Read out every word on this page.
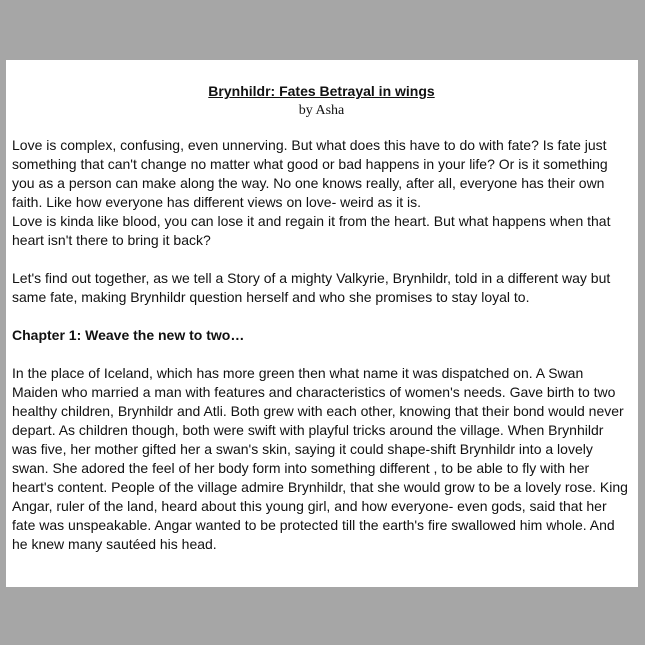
Brynhildr: Fates Betrayal in wings

by Asha

Love is complex, confusing, even unnerving. But what does this have to do with fate? Is fate just something that can't change no matter what good or bad happens in your life? Or is it something you as a person can make along the way. No one knows really, after all, everyone has their own faith. Like how everyone has different views on love- weird as it is.

Love is kinda like blood, you can lose it and regain it from the heart. But what happens when that heart isn't there to bring it back?

Let's find out together, as we tell a Story of a mighty Valkyrie, Brynhildr, told in a different way but same fate, making Brynhildr question herself and who she promises to stay loyal to.

Chapter 1: Weave the new to two…

In the place of Iceland, which has more green then what name it was dispatched on. A Swan Maiden who married a man with features and characteristics of women's needs. Gave birth to two healthy children, Brynhildr and Atli. Both grew with each other, knowing that their bond would never depart. As children though, both were swift with playful tricks around the village. When Brynhildr was five, her mother gifted her a swan's skin, saying it could shape-shift Brynhildr into a lovely swan. She adored the feel of her body form into something different , to be able to fly with her heart's content. People of the village admire Brynhildr, that she would grow to be a lovely rose. King Angar, ruler of the land, heard about this young girl, and how everyone- even gods, said that her fate was unspeakable. Angar wanted to be protected till the earth's fire swallowed him whole. And he knew many sautéed his head.
